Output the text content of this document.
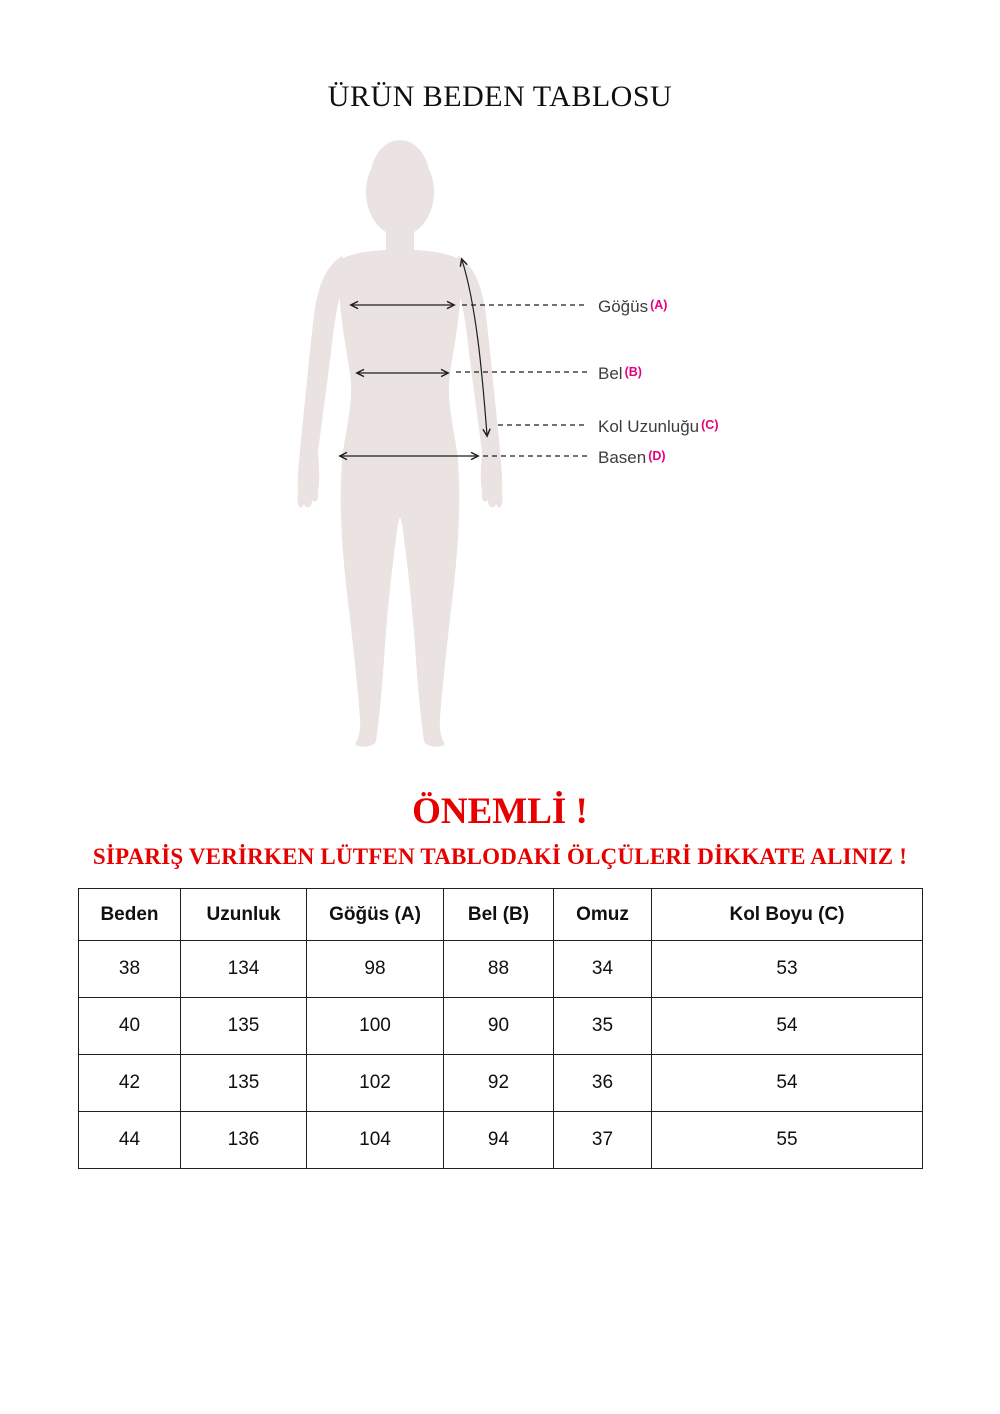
ÜRÜN BEDEN TABLOSU
Göğüs (A)
Bel (B)
Kol Uzunluğu (C)
Basen (D)
ÖNEMLİ !
SİPARİŞ VERİRKEN LÜTFEN TABLODAKİ ÖLÇÜLERİ DİKKATE ALINIZ !
Beden	Uzunluk	Göğüs (A)	Bel (B)	Omuz	Kol Boyu (C)
38	134	98	88	34	53
40	135	100	90	35	54
42	135	102	92	36	54
44	136	104	94	37	55
